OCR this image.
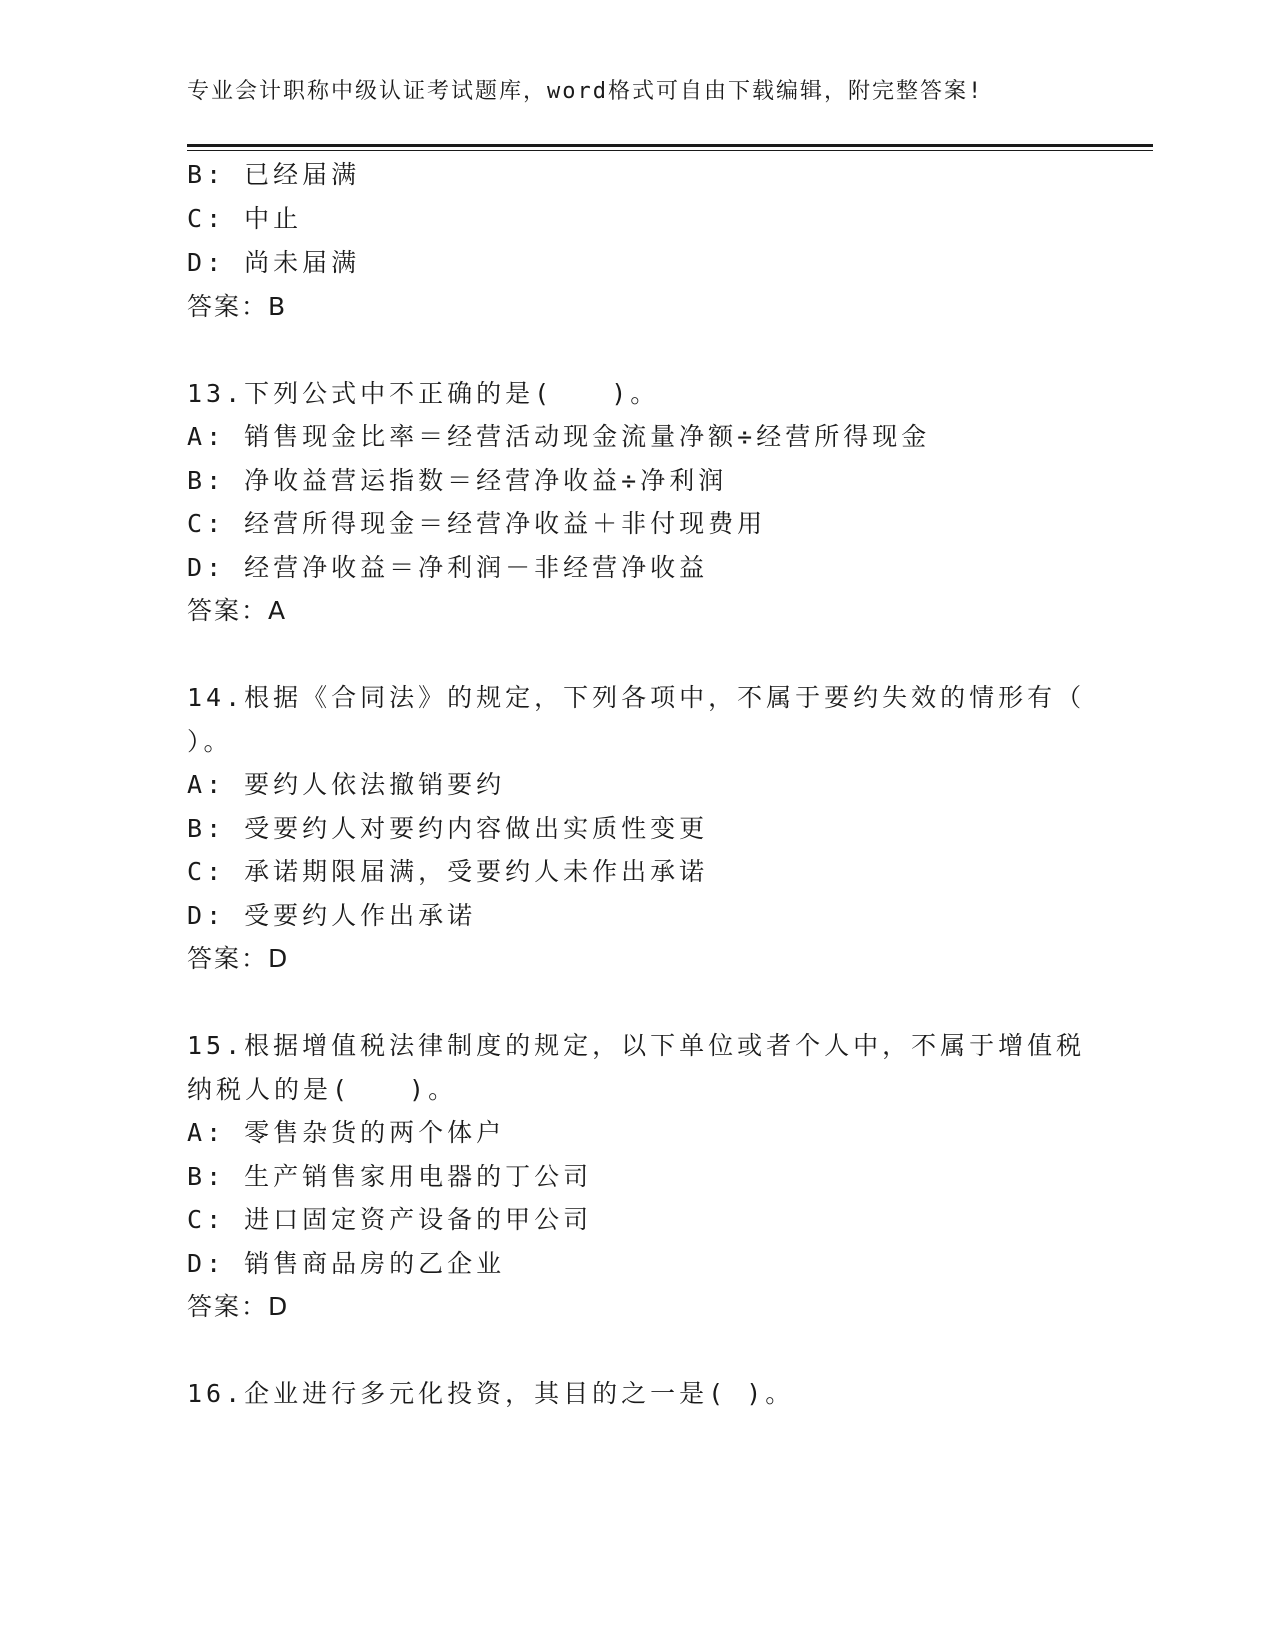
专业会计职称中级认证考试题库，word格式可自由下载编辑，附完整答案!
B: 已经届满
C: 中止
D: 尚未届满
答案：B
13.下列公式中不正确的是(　　)。
A: 销售现金比率＝经营活动现金流量净额÷经营所得现金
B: 净收益营运指数＝经营净收益÷净利润
C: 经营所得现金＝经营净收益＋非付现费用
D: 经营净收益＝净利润－非经营净收益
答案：A
14.根据《合同法》的规定，下列各项中，不属于要约失效的情形有（
）。
A: 要约人依法撤销要约
B: 受要约人对要约内容做出实质性变更
C: 承诺期限届满，受要约人未作出承诺
D: 受要约人作出承诺
答案：D
15.根据增值税法律制度的规定，以下单位或者个人中，不属于增值税
纳税人的是(　　)。
A: 零售杂货的两个体户
B: 生产销售家用电器的丁公司
C: 进口固定资产设备的甲公司
D: 销售商品房的乙企业
答案：D
16.企业进行多元化投资，其目的之一是( )。
